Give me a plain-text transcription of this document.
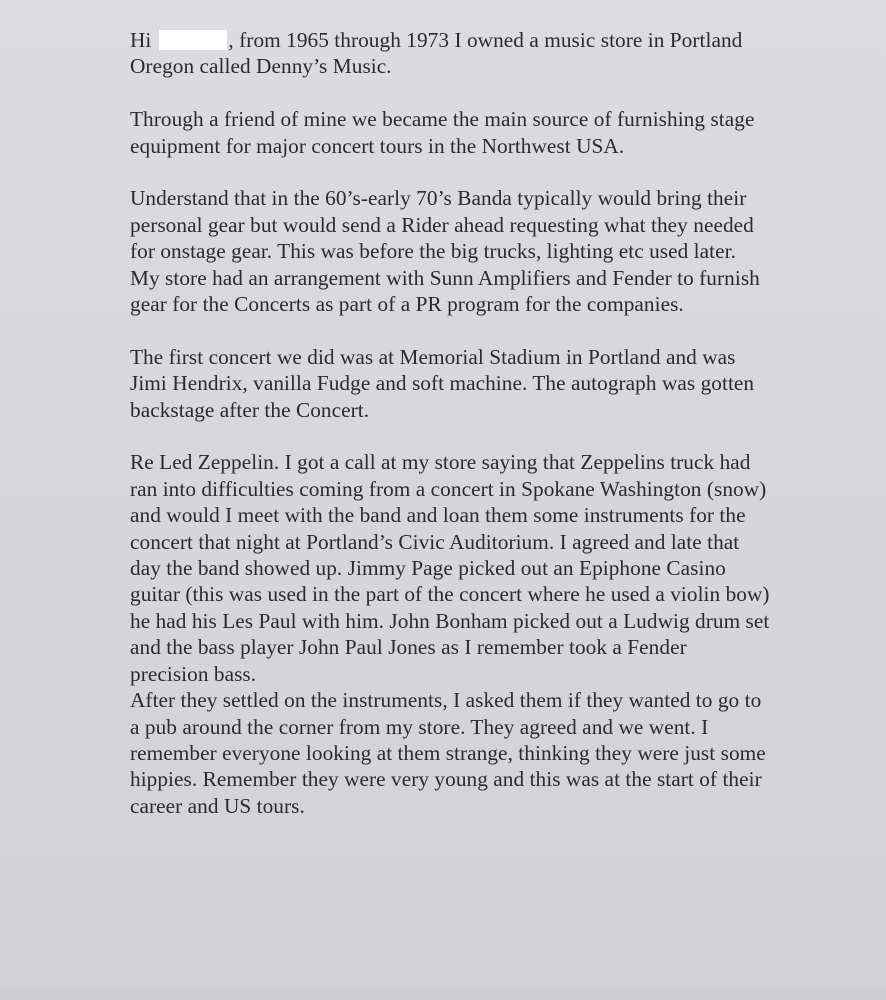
Hi	, from 1965 through 1973 I owned a music store in Portland Oregon called Denny’s Music.

Through a friend of mine we became the main source of furnishing stage equipment for major concert tours in the Northwest USA.

Understand that in the 60’s-early 70’s Banda typically would bring their personal gear but would send a Rider ahead requesting what they needed for onstage gear. This was before the big trucks, lighting etc used later. My store had an arrangement with Sunn Amplifiers and Fender to furnish gear for the Concerts as part of a PR program for the companies.

The first concert we did was at Memorial Stadium in Portland and was Jimi Hendrix, vanilla Fudge and soft machine. The autograph was gotten backstage after the Concert.

Re Led Zeppelin. I got a call at my store saying that Zeppelins truck had ran into difficulties coming from a concert in Spokane Washington (snow) and would I meet with the band and loan them some instruments for the concert that night at Portland’s Civic Auditorium. I agreed and late that day the band showed up. Jimmy Page picked out an Epiphone Casino guitar (this was used in the part of the concert where he used a violin bow) he had his Les Paul with him. John Bonham picked out a Ludwig drum set and the bass player John Paul Jones as I remember took a Fender precision bass.

After they settled on the instruments, I asked them if they wanted to go to a pub around the corner from my store. They agreed and we went. I remember everyone looking at them strange, thinking they were just some hippies. Remember they were very young and this was at the start of their career and US tours.
